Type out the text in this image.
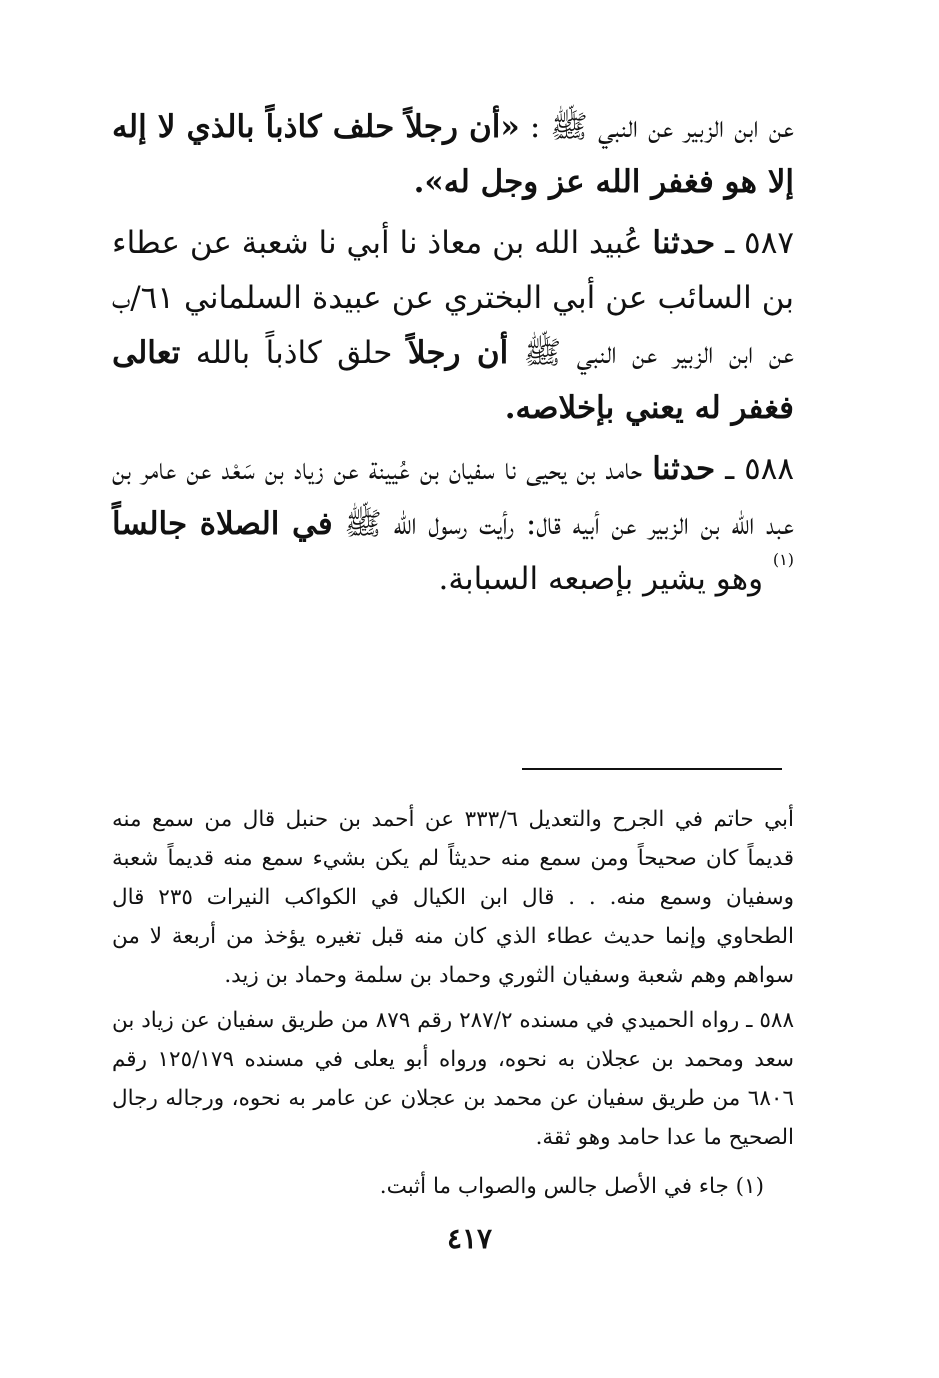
عن ابن الزبير عن النبي ﷺ : «أن رجلاً حلف كاذباً بالذي لا إله إلا هو فغفر الله عز وجل له».

٥٨٧ ـ حدثنا عُبيد الله بن معاذ نا أبي نا شعبة عن عطاء بن السائب عن أبي البختري عن عبيدة السلماني ٦١/ب عن ابن الزبير عن النبي ﷺ أن رجلاً حلق كاذباً بالله تعالى فغفر له يعني بإخلاصه.

٥٨٨ ـ حدثنا حامد بن يحيى نا سفيان بن عُيينة عن زياد بن سَعْد عن عامر بن عبد الله بن الزبير عن أبيه قال: رأيت رسول الله ﷺ في الصلاة جالساً $^{(١)}$ وهو يشير بإصبعه السبابة.

أبي حاتم في الجرح والتعديل ٣٣٣/٦ عن أحمد بن حنبل قال من سمع منه قديماً كان صحيحاً ومن سمع منه حديثاً لم يكن بشيء سمع منه قديماً شعبة وسفيان وسمع منه. . . قال ابن الكيال في الكواكب النيرات ٢٣٥ قال الطحاوي وإنما حديث عطاء الذي كان منه قبل تغيره يؤخذ من أربعة لا من سواهم وهم شعبة وسفيان الثوري وحماد بن سلمة وحماد بن زيد.

٥٨٨ ـ رواه الحميدي في مسنده ٢٨٧/٢ رقم ٨٧٩ من طريق سفيان عن زياد بن سعد ومحمد بن عجلان به نحوه، ورواه أبو يعلى في مسنده ١٢٥/١٧٩ رقم ٦٨٠٦ من طريق سفيان عن محمد بن عجلان عن عامر به نحوه، ورجاله رجال الصحيح ما عدا حامد وهو ثقة.

(١) جاء في الأصل جالس والصواب ما أثبت.

٤١٧
